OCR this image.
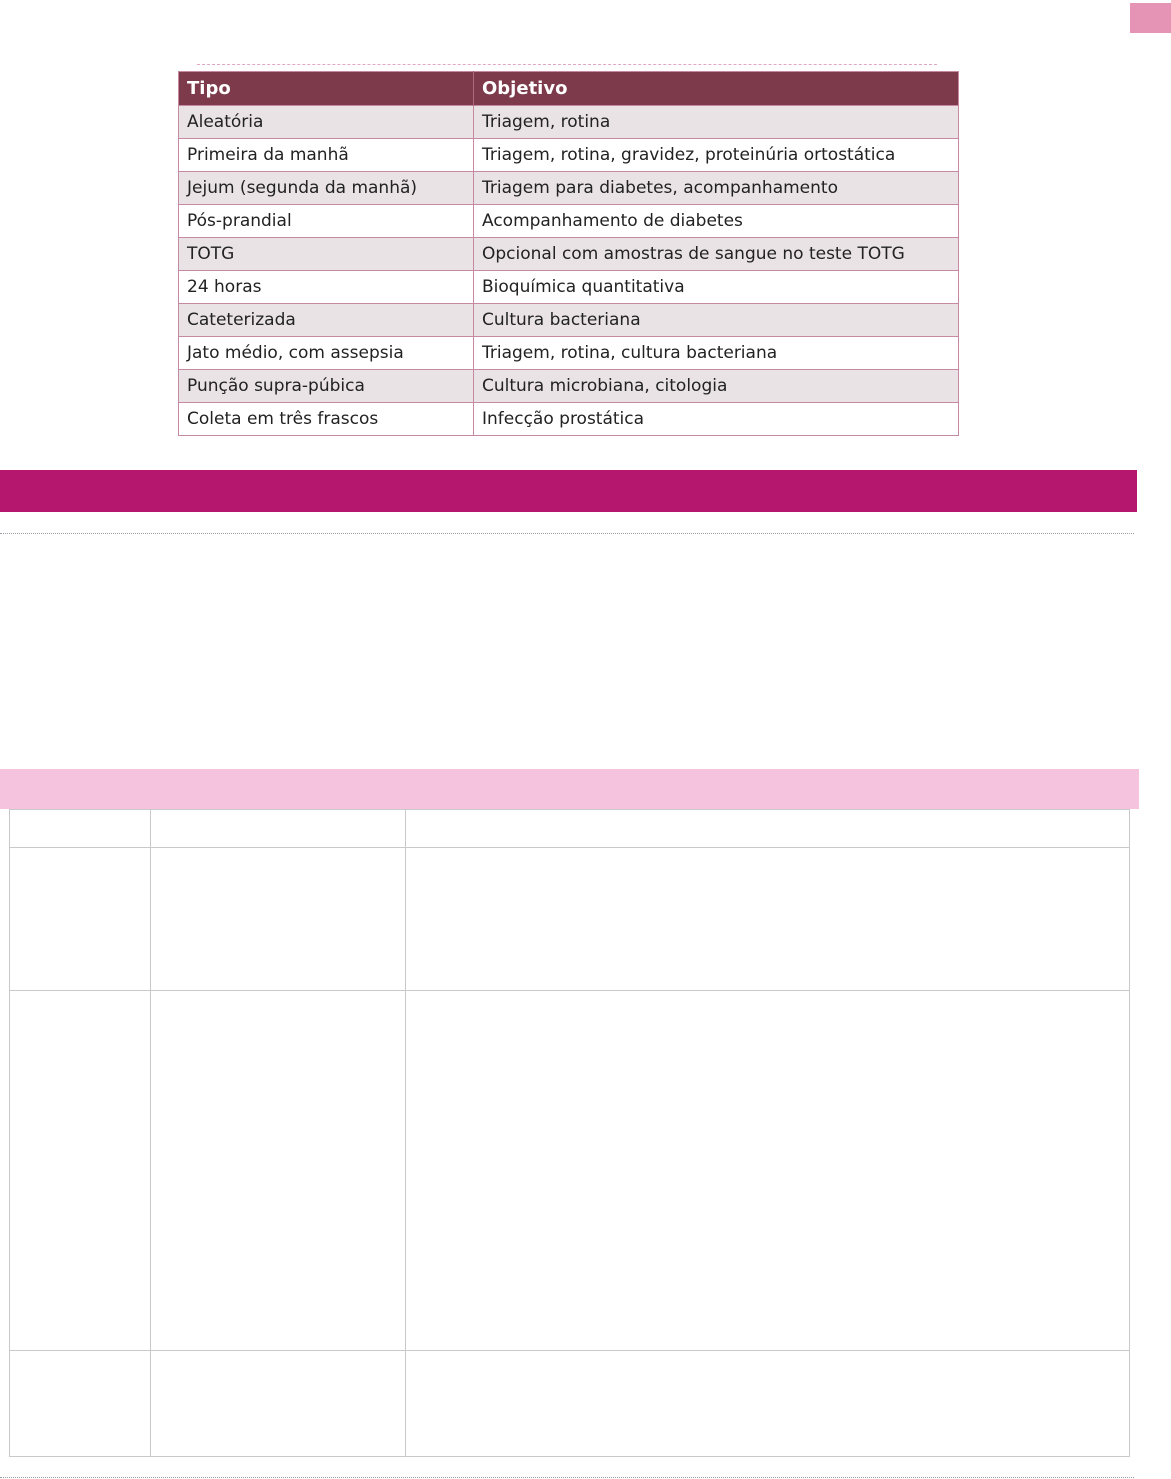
Tipo	Objetivo
Aleatória	Triagem, rotina
Primeira da manhã	Triagem, rotina, gravidez, proteinúria ortostática
Jejum (segunda da manhã)	Triagem para diabetes, acompanhamento
Pós-prandial	Acompanhamento de diabetes
TOTG	Opcional com amostras de sangue no teste TOTG
24 horas	Bioquímica quantitativa
Cateterizada	Cultura bacteriana
Jato médio, com assepsia	Triagem, rotina, cultura bacteriana
Punção supra-púbica	Cultura microbiana, citologia
Coleta em três frascos	Infecção prostática
